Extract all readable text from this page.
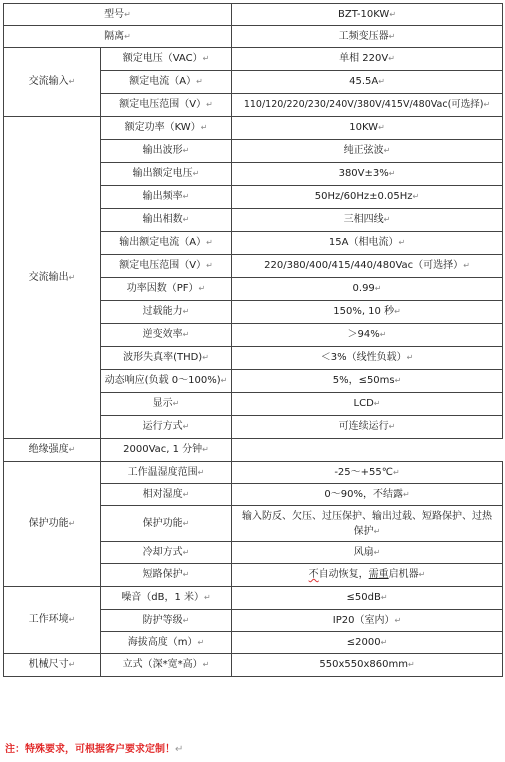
型号↵		BZT-10KW↵
隔离↵		工频变压器↵
交流输入↵	额定电压（VAC）↵	单相 220V↵
	额定电流（A）↵	45.5A↵
	额定电压范围（V）↵	110/120/220/230/240V/380V/415V/480Vac(可选择)↵
交流输出↵	额定功率（KW）↵	10KW↵
	输出波形↵	纯正弦波↵
	输出额定电压↵	380V±3%↵
	输出频率↵	50Hz/60Hz±0.05Hz↵
	输出相数↵	三相四线↵
	输出额定电流（A）↵	15A（相电流）↵
	额定电压范围（V）↵	220/380/400/415/440/480Vac（可选择）↵
	功率因数（PF）↵	0.99↵
	过载能力↵	150%, 10 秒↵
	逆变效率↵	＞94%↵
	波形失真率(THD)↵	＜3%（线性负载）↵
	动态响应(负载 0～100%)↵	5%，≤50ms↵
	显示↵	LCD↵
	运行方式↵	可连续运行↵
绝缘强度↵	2000Vac, 1 分钟↵	
保护功能↵	工作温湿度范围↵	-25～+55℃↵
	相对湿度↵	0～90%，不结露↵
	保护功能↵	输入防反、欠压、过压保护、输出过载、短路保护、过热保护↵
	冷却方式↵	风扇↵
	短路保护↵	不自动恢复，需重启机器↵
工作环境↵	噪音（dB，1 米）↵	≤50dB↵
	防护等级↵	IP20（室内）↵
	海拔高度（m）↵	≤2000↵
机械尺寸↵	立式（深*宽*高）↵	550x550x860mm↵
注：特殊要求，可根据客户要求定制！↵
